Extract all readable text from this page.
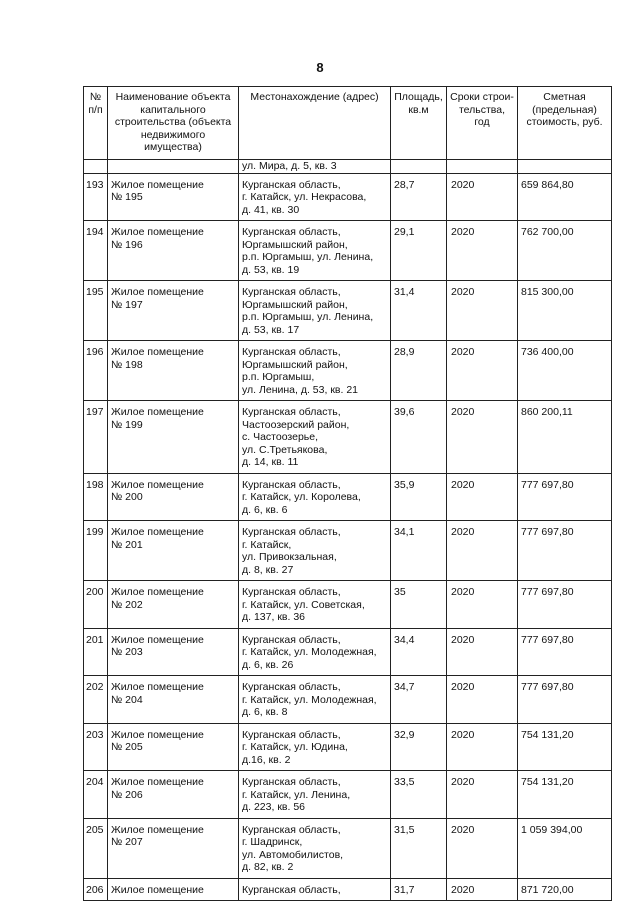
8
№
п/п	Наименование объекта
капитального
строительства (объекта
недвижимого
имущества)	Местонахождение (адрес)	Площадь,
кв.м	Сроки строи-
тельства,
год	Сметная
(предельная)
стоимость, руб.

		ул. Мира, д. 5, кв. 3			

193	Жилое помещение
№ 195	Курганская область,
г. Катайск, ул. Некрасова,
д. 41, кв. 30	28,7	2020	659 864,80
194	Жилое помещение
№ 196	Курганская область,
Юргамышский район,
р.п. Юргамыш, ул. Ленина,
д. 53, кв. 19	29,1	2020	762 700,00
195	Жилое помещение
№ 197	Курганская область,
Юргамышский район,
р.п. Юргамыш, ул. Ленина,
д. 53, кв. 17	31,4	2020	815 300,00
196	Жилое помещение
№ 198	Курганская область,
Юргамышский район,
р.п. Юргамыш,
ул. Ленина, д. 53, кв. 21	28,9	2020	736 400,00
197	Жилое помещение
№ 199	Курганская область,
Частоозерский район,
с. Частоозерье,
ул. С.Третьякова,
д. 14, кв. 11	39,6	2020	860 200,11
198	Жилое помещение
№ 200	Курганская область,
г. Катайск, ул. Королева,
д. 6, кв. 6	35,9	2020	777 697,80
199	Жилое помещение
№ 201	Курганская область,
г. Катайск,
ул. Привокзальная,
д. 8, кв. 27	34,1	2020	777 697,80
200	Жилое помещение
№ 202	Курганская область,
г. Катайск, ул. Советская,
д. 137, кв. 36	35	2020	777 697,80
201	Жилое помещение
№ 203	Курганская область,
г. Катайск, ул. Молодежная,
д. 6, кв. 26	34,4	2020	777 697,80
202	Жилое помещение
№ 204	Курганская область,
г. Катайск, ул. Молодежная,
д. 6, кв. 8	34,7	2020	777 697,80
203	Жилое помещение
№ 205	Курганская область,
г. Катайск, ул. Юдина,
д.16, кв. 2	32,9	2020	754 131,20
204	Жилое помещение
№ 206	Курганская область,
г. Катайск, ул. Ленина,
д. 223, кв. 56	33,5	2020	754 131,20
205	Жилое помещение
№ 207	Курганская область,
г. Шадринск,
ул. Автомобилистов,
д. 82, кв. 2	31,5	2020	1 059 394,00
206	Жилое помещение	Курганская область,	31,7	2020	871 720,00
